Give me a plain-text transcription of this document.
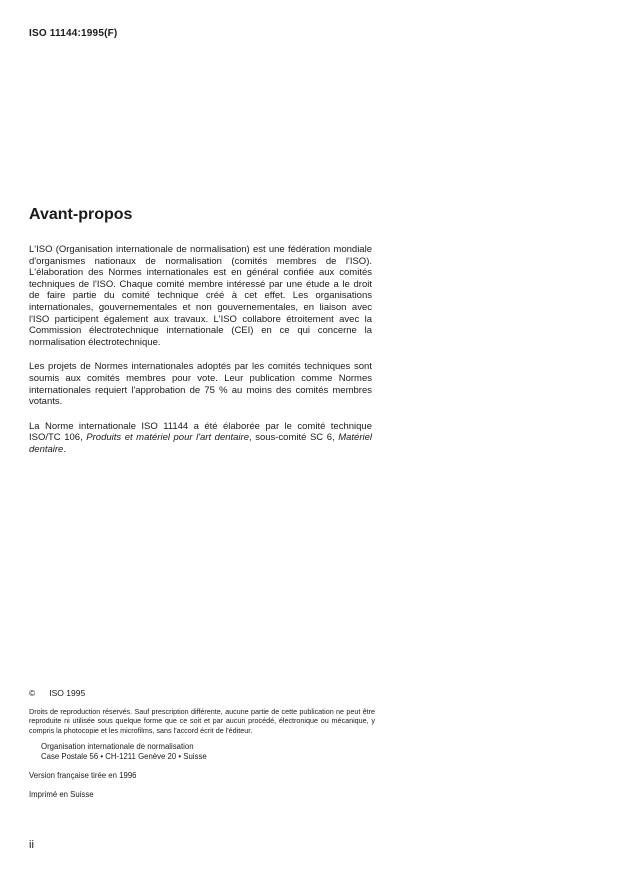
ISO 11144:1995(F)
Avant-propos

L'ISO (Organisation internationale de normalisation) est une fédération mondiale d'organismes nationaux de normalisation (comités membres de l'ISO). L'élaboration des Normes internationales est en général confiée aux comités techniques de l'ISO. Chaque comité membre intéressé par une étude a le droit de faire partie du comité technique créé à cet effet. Les organisations internationales, gouvernementales et non gouvernementales, en liaison avec l'ISO participent également aux travaux. L'ISO collabore étroitement avec la Commission électrotechnique internationale (CEI) en ce qui concerne la normalisation électrotechnique.

Les projets de Normes internationales adoptés par les comités techniques sont soumis aux comités membres pour vote. Leur publication comme Normes internationales requiert l'approbation de 75 % au moins des comités membres votants.

La Norme internationale ISO 11144 a été élaborée par le comité technique ISO/TC 106, Produits et matériel pour l'art dentaire, sous-comité SC 6, Matériel dentaire.

© ISO 1995
Droits de reproduction réservés. Sauf prescription différente, aucune partie de cette publication ne peut être reproduite ni utilisée sous quelque forme que ce soit et par aucun procédé, électronique ou mécanique, y compris la photocopie et les microfilms, sans l'accord écrit de l'éditeur.
Organisation internationale de normalisation
Case Postale 56 • CH-1211 Genève 20 • Suisse
Version française tirée en 1996
Imprimé en Suisse
ii
